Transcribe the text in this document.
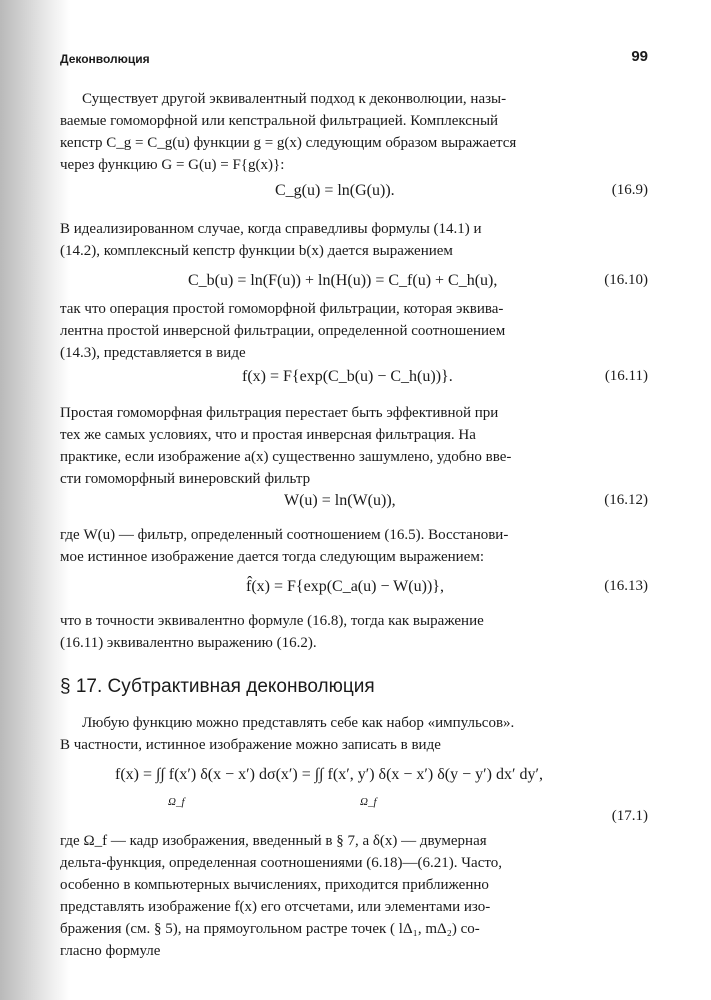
Деконволюция	99
Существует другой эквивалентный подход к деконволюции, назы-
ваемые гомоморфной или кепстральной фильтрацией. Комплексный
кепстр C_g = C_g(u) функции g = g(x) следующим образом выражается
через функцию G = G(u) = F{g(x)}:
C_g(u) = ln(G(u)).	(16.9)
В идеализированном случае, когда справедливы формулы (14.1) и
(14.2), комплексный кепстр функции b(x) дается выражением
C_b(u) = ln(F(u)) + ln(H(u)) = C_f(u) + C_h(u),	(16.10)
так что операция простой гомоморфной фильтрации, которая эквива-
лентна простой инверсной фильтрации, определенной соотношением
(14.3), представляется в виде
f(x) = F{exp(C_b(u) − C_h(u))}.	(16.11)
Простая гомоморфная фильтрация перестает быть эффективной при
тех же самых условиях, что и простая инверсная фильтрация. На
практике, если изображение a(x) существенно зашумлено, удобно вве-
сти гомоморфный винеровский фильтр
W(u) = ln(W(u)),	(16.12)
где W(u) — фильтр, определенный соотношением (16.5). Восстанови-
мое истинное изображение дается тогда следующим выражением:
f̂(x) = F{exp(C_a(u) − W(u))},	(16.13)
что в точности эквивалентно формуле (16.8), тогда как выражение
(16.11) эквивалентно выражению (16.2).
§ 17. Субтрактивная деконволюция
Любую функцию можно представлять себе как набор «импульсов».
В частности, истинное изображение можно записать в виде
f(x) = ∫∫ f(x′) δ(x − x′) dσ(x′) = ∫∫ f(x′, y′) δ(x − x′) δ(y − y′) dx′ dy′,
Ω_f	Ω_f
(17.1)
где Ω_f — кадр изображения, введенный в § 7, а δ(x) — двумерная
дельта-функция, определенная соотношениями (6.18)—(6.21). Часто,
особенно в компьютерных вычислениях, приходится приближенно
представлять изображение f(x) его отсчетами, или элементами изо-
бражения (см. § 5), на прямоугольном растре точек ( lΔ₁, mΔ₂) со-
гласно формуле
